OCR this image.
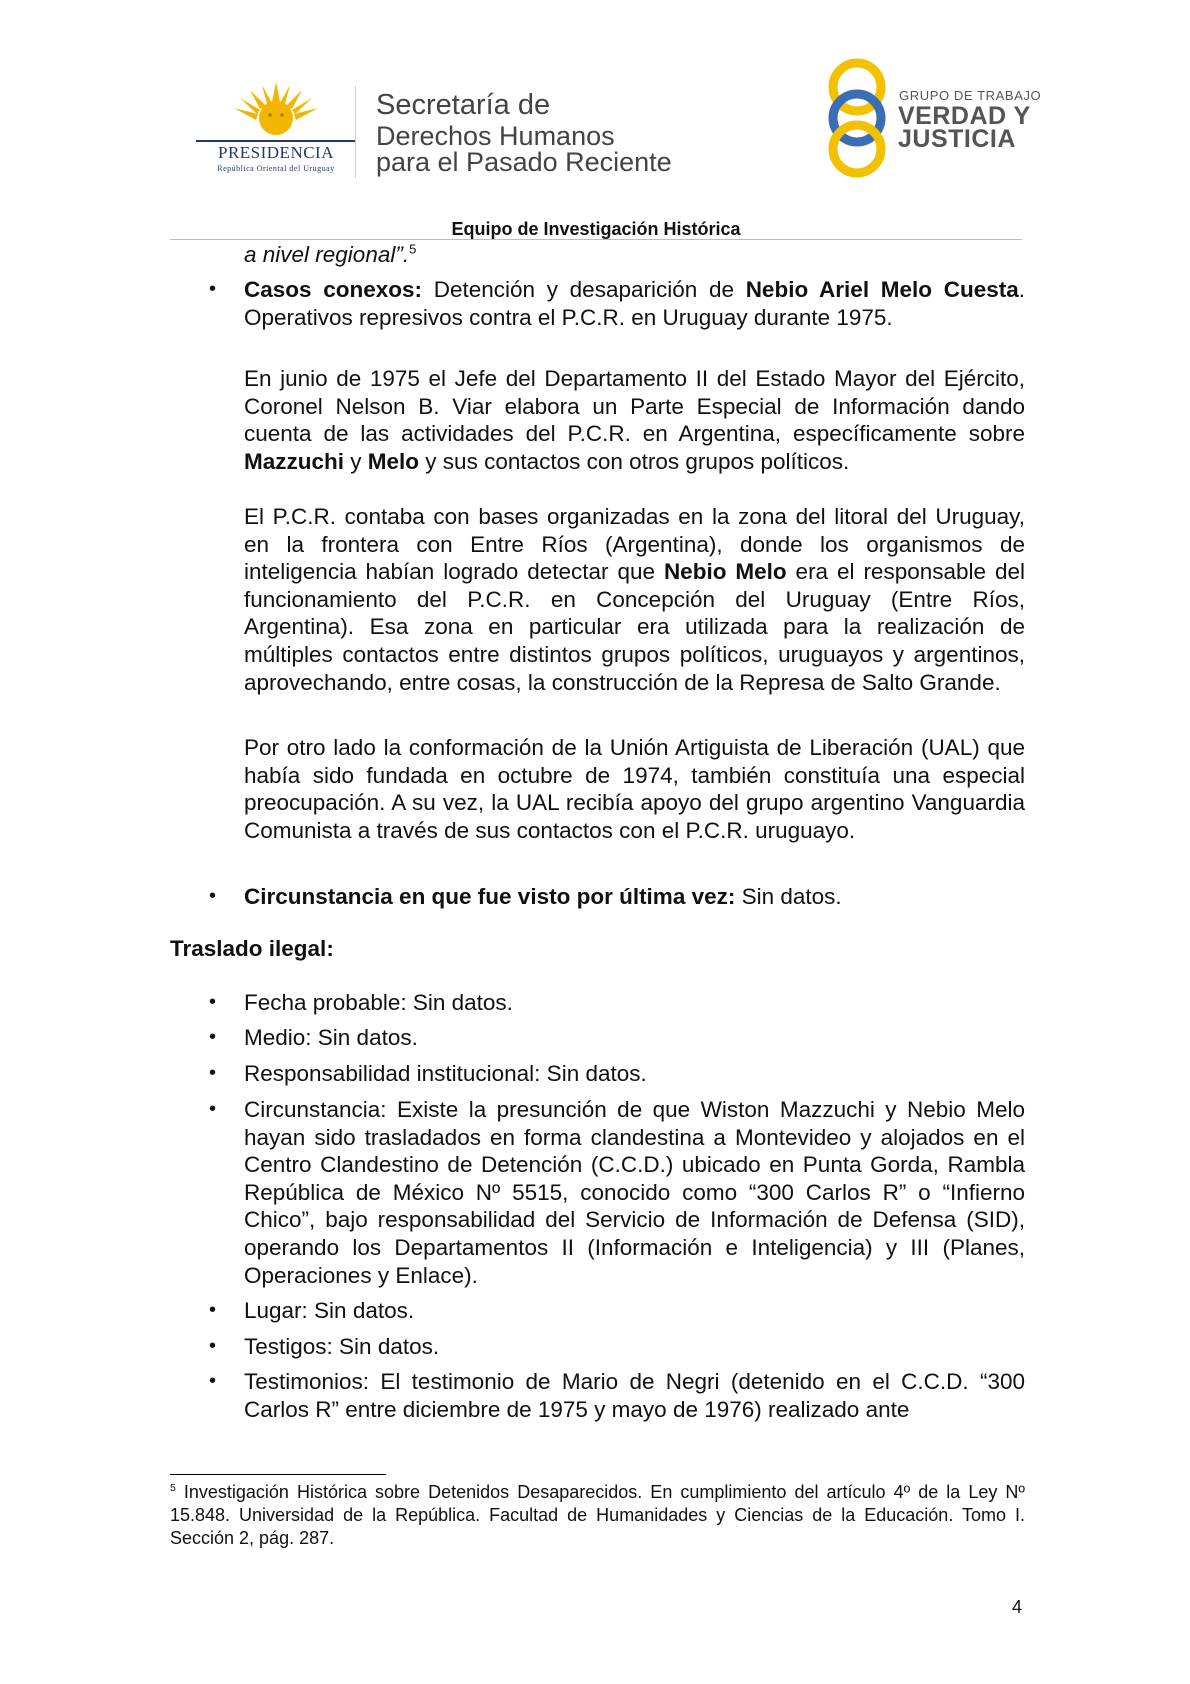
PRESIDENCIA
República Oriental del Uruguay
Secretaría de
Derechos Humanos
para el Pasado Reciente
GRUPO DE TRABAJO
VERDAD Y
JUSTICIA
Equipo de Investigación Histórica
a nivel regional”.$^5$
• Casos conexos: Detención y desaparición de Nebio Ariel Melo Cuesta. Operativos represivos contra el P.C.R. en Uruguay durante 1975.
En junio de 1975 el Jefe del Departamento II del Estado Mayor del Ejército, Coronel Nelson B. Viar elabora un Parte Especial de Información dando cuenta de las actividades del P.C.R. en Argentina, específicamente sobre Mazzuchi y Melo y sus contactos con otros grupos políticos.
El P.C.R. contaba con bases organizadas en la zona del litoral del Uruguay, en la frontera con Entre Ríos (Argentina), donde los organismos de inteligencia habían logrado detectar que Nebio Melo era el responsable del funcionamiento del P.C.R. en Concepción del Uruguay (Entre Ríos, Argentina). Esa zona en particular era utilizada para la realización de múltiples contactos entre distintos grupos políticos, uruguayos y argentinos, aprovechando, entre cosas, la construcción de la Represa de Salto Grande.
Por otro lado la conformación de la Unión Artiguista de Liberación (UAL) que había sido fundada en octubre de 1974, también constituía una especial preocupación. A su vez, la UAL recibía apoyo del grupo argentino Vanguardia Comunista a través de sus contactos con el P.C.R. uruguayo.
• Circunstancia en que fue visto por última vez: Sin datos.
Traslado ilegal:
• Fecha probable: Sin datos.
• Medio: Sin datos.
• Responsabilidad institucional: Sin datos.
• Circunstancia: Existe la presunción de que Wiston Mazzuchi y Nebio Melo hayan sido trasladados en forma clandestina a Montevideo y alojados en el Centro Clandestino de Detención (C.C.D.) ubicado en Punta Gorda, Rambla República de México Nº 5515, conocido como “300 Carlos R” o “Infierno Chico”, bajo responsabilidad del Servicio de Información de Defensa (SID), operando los Departamentos II (Información e Inteligencia) y III (Planes, Operaciones y Enlace).
• Lugar: Sin datos.
• Testigos: Sin datos.
• Testimonios: El testimonio de Mario de Negri (detenido en el C.C.D. “300 Carlos R” entre diciembre de 1975 y mayo de 1976) realizado ante
$^5$ Investigación Histórica sobre Detenidos Desaparecidos. En cumplimiento del artículo 4º de la Ley Nº 15.848. Universidad de la República. Facultad de Humanidades y Ciencias de la Educación. Tomo I. Sección 2, pág. 287.
4
